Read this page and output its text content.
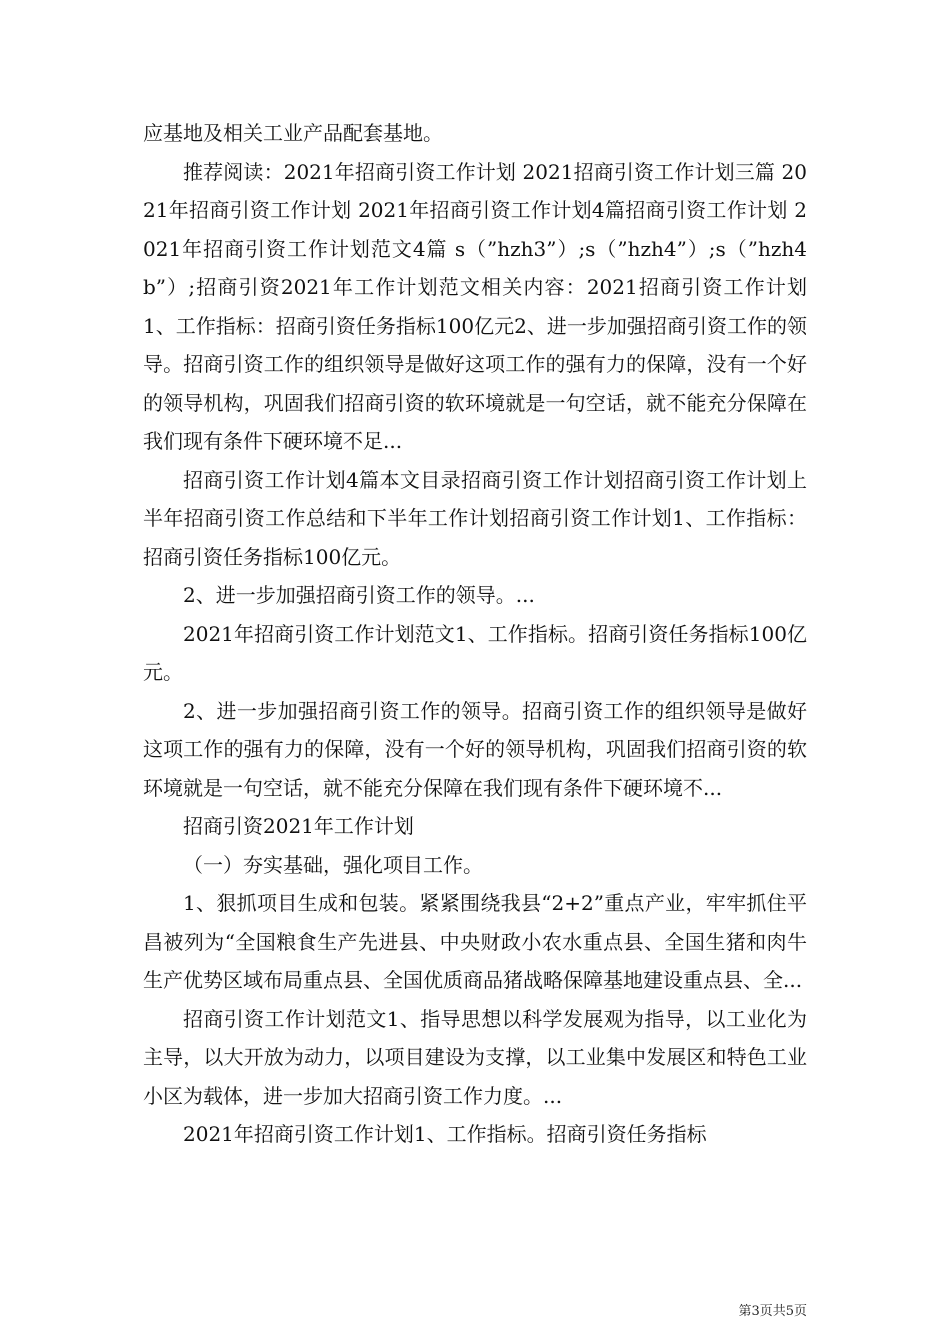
应基地及相关工业产品配套基地。

推荐阅读：2021年招商引资工作计划 2021招商引资工作计划三篇 2021年招商引资工作计划 2021年招商引资工作计划4篇招商引资工作计划 2021年招商引资工作计划范文4篇 s（”hzh3”）;s（”hzh4”）;s（”hzh4b”）;招商引资2021年工作计划范文相关内容：2021招商引资工作计划1、工作指标：招商引资任务指标100亿元2、进一步加强招商引资工作的领导。招商引资工作的组织领导是做好这项工作的强有力的保障，没有一个好的领导机构，巩固我们招商引资的软环境就是一句空话，就不能充分保障在我们现有条件下硬环境不足...

招商引资工作计划4篇本文目录招商引资工作计划招商引资工作计划上半年招商引资工作总结和下半年工作计划招商引资工作计划1、工作指标：招商引资任务指标100亿元。

2、进一步加强招商引资工作的领导。...

2021年招商引资工作计划范文1、工作指标。招商引资任务指标100亿元。

2、进一步加强招商引资工作的领导。招商引资工作的组织领导是做好这项工作的强有力的保障，没有一个好的领导机构，巩固我们招商引资的软环境就是一句空话，就不能充分保障在我们现有条件下硬环境不...

招商引资2021年工作计划

（一）夯实基础，强化项目工作。

1、狠抓项目生成和包装。紧紧围绕我县“2+2”重点产业，牢牢抓住平昌被列为“全国粮食生产先进县、中央财政小农水重点县、全国生猪和肉牛生产优势区域布局重点县、全国优质商品猪战略保障基地建设重点县、全...

招商引资工作计划范文1、指导思想以科学发展观为指导，以工业化为主导，以大开放为动力，以项目建设为支撑，以工业集中发展区和特色工业小区为载体，进一步加大招商引资工作力度。...

2021年招商引资工作计划1、工作指标。招商引资任务指标

第3页共5页
